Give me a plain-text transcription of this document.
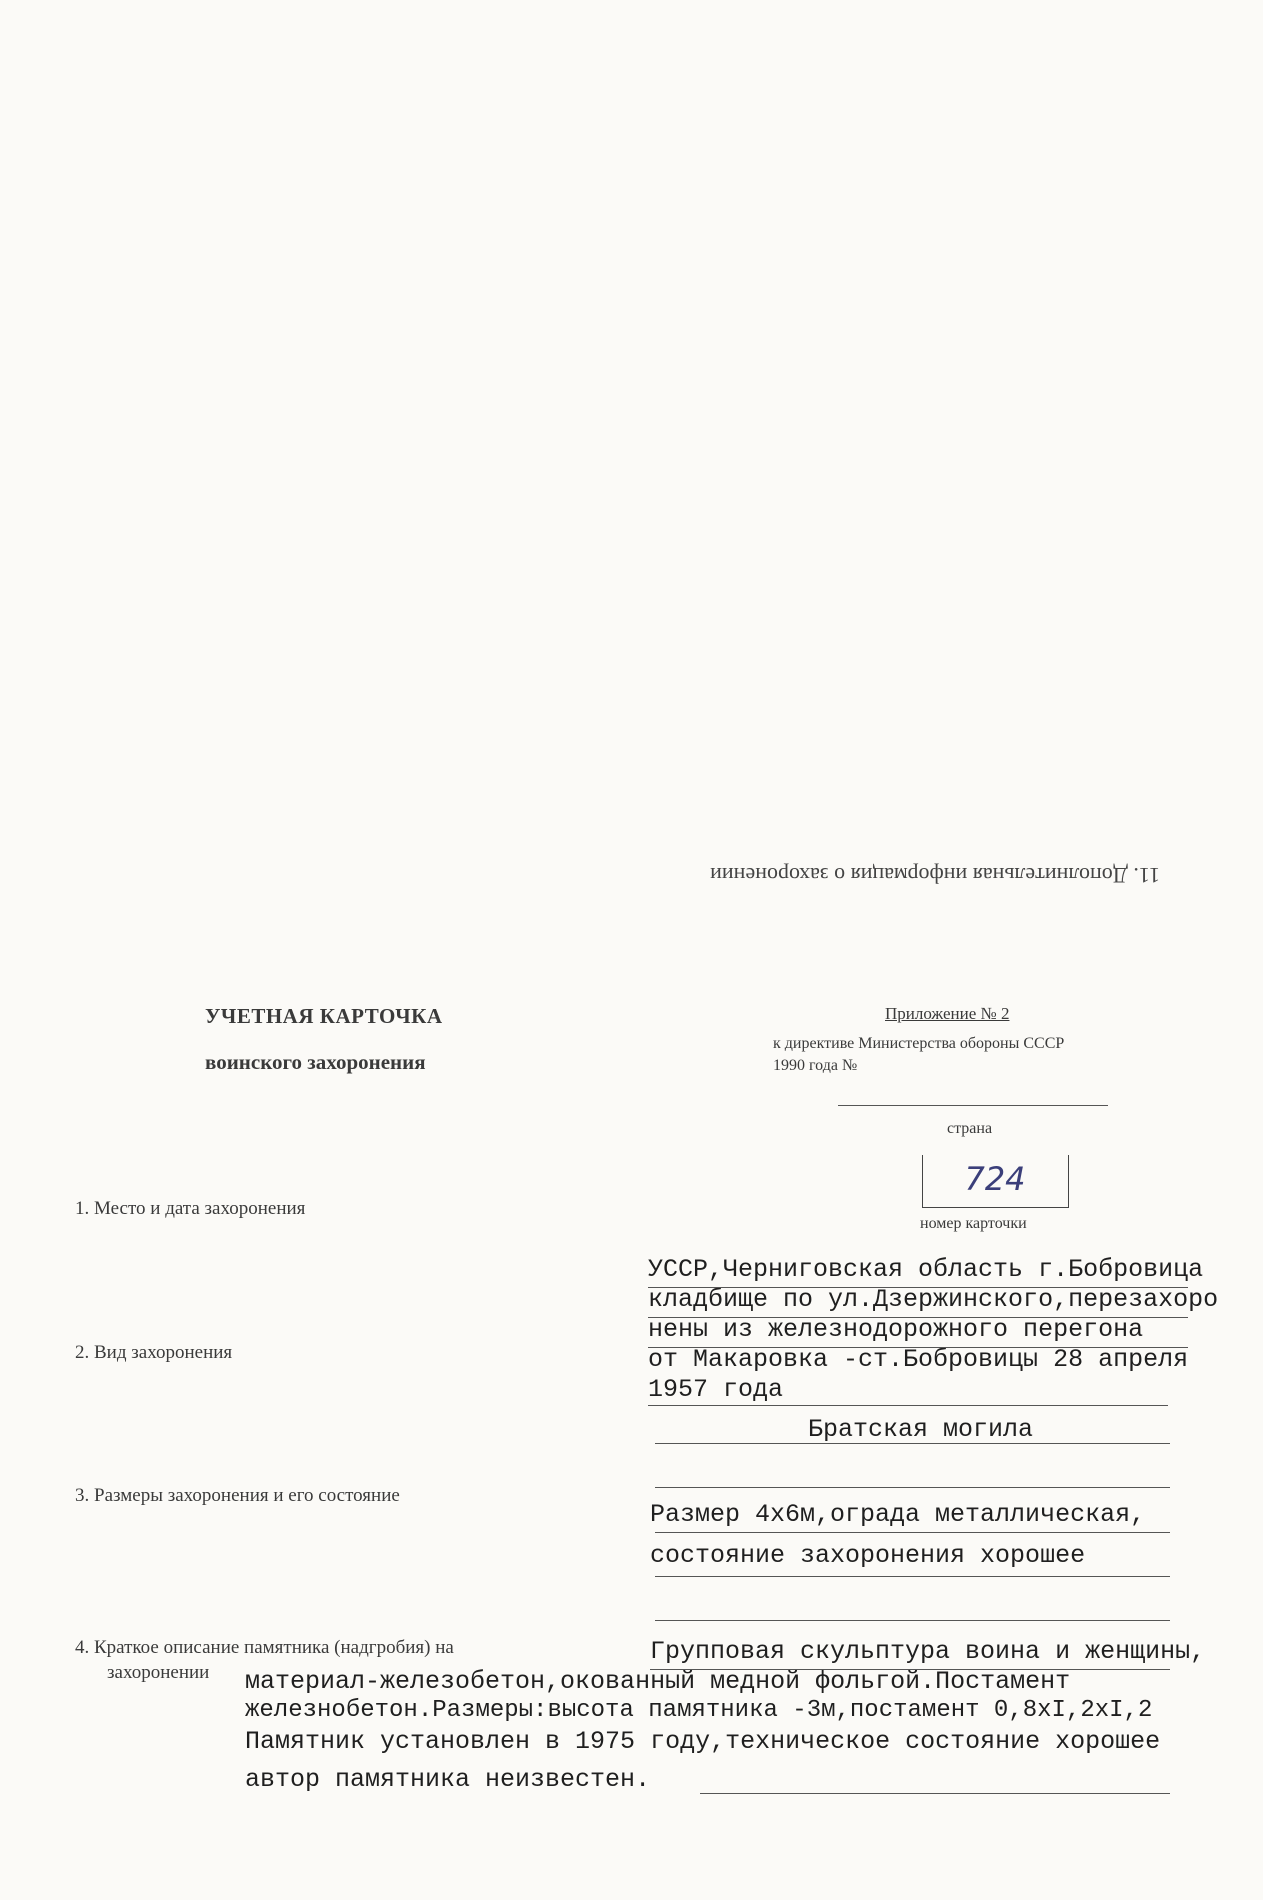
11. Дополнительная информация о захоронении
УЧЕТНАЯ КАРТОЧКА
воинского захоронения
Приложение № 2
к директиве Министерства обороны СССР
1990 года №
страна
724
номер карточки
1. Место и дата захоронения
2. Вид захоронения
3. Размеры захоронения и его состояние
4. Краткое описание памятника (надгробия) на
захоронении
УССР,Черниговская область г.Бобровица
кладбище по ул.Дзержинского,перезахоро
нены из железнодорожного перегона
от Макаровка -ст.Бобровицы 28 апреля
1957 года
Братская могила
Размер 4х6м,ограда металлическая,
состояние захоронения хорошее
Групповая скульптура воина и женщины,
материал-железобетон,окованный медной фольгой.Постамент
железнобетон.Размеры:высота памятника -3м,постамент 0,8хI,2хI,2
Памятник установлен в 1975 году,техническое состояние хорошее
автор памятника неизвестен.
